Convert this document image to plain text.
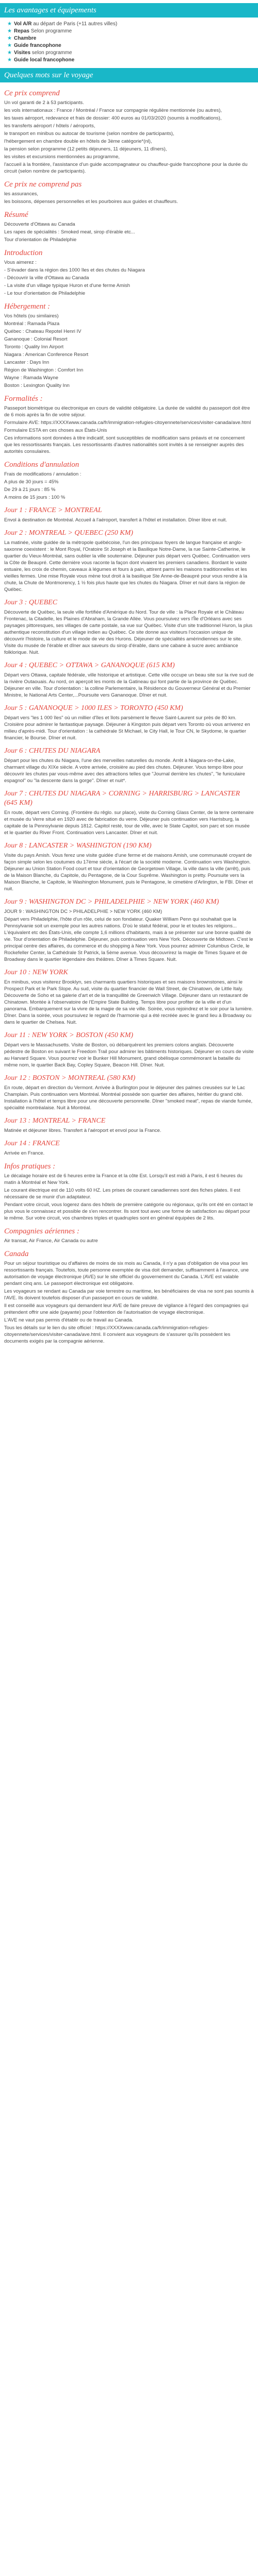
Les avantages et équipements
★ Vol A/R au départ de Paris (+11 autres villes)
★ Repas Selon programme
★ Chambre
★ Guide francophone
★ Visites selon programme
★ Guide local francophone
Quelques mots sur le voyage
Ce prix comprend
Un vol garanti de 2 à 53 participants.
les vols internationaux : France / Montréal / France sur compagnie régulière mentionnée (ou autres),
les taxes aéroport, redevance et frais de dossier: 400 euros au 01/03/2020 (soumis à modifications),
les transferts aéroport / hôtels / aéroports,
le transport en minibus ou autocar de tourisme (selon nombre de participants),
l'hébergement en chambre double en hôtels de 3ème catégorie*(nl),
la pension selon programme (12 petits déjeuners, 11 déjeuners, 11 dîners),
les visites et excursions mentionnées au programme,
l'accueil à la frontière, l'assistance d'un guide accompagnateur ou chauffeur-guide francophone pour la durée du circuit (selon nombre de participants).
Ce prix ne comprend pas
les assurances,
les boissons, dépenses personnelles et les pourboires aux guides et chauffeurs.
Résumé
Découverte d'Ottawa au Canada
Les rapes de spécialités : Smoked meat, sirop d'érable etc...
Tour d'orientation de Philadelphie
Introduction
Vous aimerez :
- S'évader dans la région des 1000 îles et des chutes du Niagara
- Découvrir la ville d'Ottawa au Canada
- La visite d'un village typique Huron et d'une ferme Amish
- Le tour d'orientation de Philadelphie
Hébergement :
Vos hôtels (ou similaires)
Montréal : Ramada Plaza
Québec : Chateau Repotel Henri IV
Gananoque : Colonial Resort
Toronto : Quality Inn Airport
Niagara : American Conference Resort
Lancaster : Days Inn
Région de Washington : Comfort Inn
Wayne : Ramada Wayne
Boston : Lexington Quality Inn
Formalités :
Passeport biométrique ou électronique en cours de validité obligatoire. La durée de validité du passeport doit être de 6 mois après la fin de votre séjour.
Formulaire AVE: https://XXXXwww.canada.ca/fr/immigration-refugies-citoyennete/services/visiter-canada/ave.html
Formulaire ESTA en ces choses aux États-Unis
Ces informations sont données à titre indicatif, sont susceptibles de modification sans préavis et ne concernent que les ressortissants français. Les ressortissants d'autres nationalités sont invités à se renseigner auprès des autorités consulaires.
Conditions d'annulation
Frais de modifications / annulation :
A plus de 30 jours = 45%
De 29 à 21 jours : 85 %
A moins de 15 jours : 100 %
Jour 1 : FRANCE > MONTREAL
Envol à destination de Montréal. Accueil à l'aéroport, transfert à l'hôtel et installation. Dîner libre et nuit.
Jour 2 : MONTREAL > QUEBEC (250 KM)
La matinée, visite guidée de la métropole québécoise, l'un des principaux foyers de langue française et anglo-saxonne coexistent : le Mont Royal, l'Oratoire St Joseph et la Basilique Notre-Dame, la rue Sainte-Catherine, le quartier du Vieux-Montréal, sans oublier la ville souterraine. Déjeuner puis départ vers Québec. Continuation vers la Côte de Beaupré. Cette dernière vous raconte la façon dont vivaient les premiers canadiens. Bordant le vaste estuaire, les croix de chemin, caveaux à légumes et fours à pain, attirent parmi les maisons traditionnelles et les vieilles fermes. Une mise Royale vous mène tout droit à la basilique Ste Anne-de-Beaupré pour vous rendre à la chute, la Chute de Montmorency, 1 ½ fois plus haute que les chutes du Niagara. Dîner et nuit dans la région de Québec.
Jour 3 : QUEBEC
Découverte de Québec, la seule ville fortifiée d'Amérique du Nord. Tour de ville : la Place Royale et le Château Frontenac, la Citadelle, les Plaines d'Abraham, la Grande Allée. Vous poursuivez vers l'Île d'Orléans avec ses paysages pittoresques, ses villages de carte postale, sa vue sur Québec. Visite d'un site traditionnel Huron, la plus authentique reconstitution d'un village indien au Québec. Ce site donne aux visiteurs l'occasion unique de découvrir l'histoire, la culture et le mode de vie des Hurons. Déjeuner de spécialités amérindiennes sur le site. Visite du musée de l'érable et dîner aux saveurs du sirop d'érable, dans une cabane à sucre avec ambiance folklorique. Nuit.
Jour 4 : QUEBEC > OTTAWA > GANANOQUE (615 KM)
Départ vers Ottawa, capitale fédérale, ville historique et artistique. Cette ville occupe un beau site sur la rive sud de la rivière Outaouais. Au nord, on aperçoit les monts de la Gatineau qui font partie de la province de Québec. Déjeuner en ville. Tour d'orientation : la colline Parlementaire, la Résidence du Gouverneur Général et du Premier Ministre, le National Arts Center,...Poursuite vers Gananoque. Dîner et nuit.
Jour 5 : GANANOQUE > 1000 ILES > TORONTO (450 KM)
Départ vers "les 1 000 îles" où un millier d'îles et îlots parsèment le fleuve Saint-Laurent sur près de 80 km. Croisière pour admirer le fantastique paysage. Déjeuner à Kingston puis départ vers Toronto où vous arriverez en milieu d'après-midi. Tour d'orientation : la cathédrale St Michael, le City Hall, le Tour CN, le Skydome, le quartier financier, le Bourse. Dîner et nuit.
Jour 6 : CHUTES DU NIAGARA
Départ pour les chutes du Niagara, l'une des merveilles naturelles du monde. Arrêt à Niagara-on-the-Lake, charmant village du XIXe siècle. A votre arrivée, croisière au pied des chutes. Déjeuner. Vous tempo libre pour découvrir les chutes par vous-même avec des attractions telles que "Journal derrière les chutes", "le funiculaire espagnol" ou "la descente dans la gorge". Dîner et nuit*.
Jour 7 : CHUTES DU NIAGARA > CORNING > HARRISBURG > LANCASTER (645 KM)
En route, départ vers Corning. (Frontière du rêglo. sur place), visite du Corning Glass Center, de la terre centenaire et musée du Verre situé en 1920 avec de fabrication du verre. Déjeuner puis continuation vers Harrisburg, la capitale de la Pennsylvanie depuis 1812. Capitol resté, tour de ville, avec le State Capitol, son parc et son musée et le quartier du River Front. Continuation vers Lancaster. Dîner et nuit.
Jour 8 : LANCASTER > WASHINGTON (190 KM)
Visite du pays Amish. Vous ferez une visite guidée d'une ferme et de maisons Amish, une communauté croyant de façon simple selon les coutumes du 17ème siècle, à l'écart de la société moderne. Continuation vers Washington. Déjeuner au Union Station Food court et tour d'orientation de Georgetown Village, la ville dans la ville (arrêt), puis de la Maison Blanche, du Capitole, du Pentagone, de la Cour Suprême. Washington is pretty. Poursuite vers la Maison Blanche, le Capitole, le Washington Monument, puis le Pentagone, le cimetière d'Arlington, le FBI. Dîner et nuit.
Jour 9 : WASHINGTON DC > PHILADELPHIE > NEW YORK (460 KM)
JOUR 9 : WASHINGTON DC > PHILADELPHIE > NEW YORK (460 KM)
Départ vers Philadelphie, l'hôte d'un rôle, celui de son fondateur. Quaker William Penn qui souhaitait que la Pennsylvanie soit un exemple pour les autres nations. D'où le statut fédéral, pour le et toutes les religions... L'équivalent etc des États-Unis, elle compte 1,6 millions d'habitants, mais à se présenter sur une bonne qualité de vie. Tour d'orientation de Philadelphie. Déjeuner, puis continuation vers New York. Découverte de Midtown. C'est le principal centre des affaires, du commerce et du shopping à New York. Vous pourrez admirer Columbus Circle, le Rockefeller Center, la Cathédrale St Patrick, la 5ème avenue. Vous découvrirez la magie de Times Square et de Broadway dans le quartier légendaire des théâtres. Dîner à Times Square. Nuit.
Jour 10 : NEW YORK
En minibus, vous visiterez Brooklyn, ses charmants quartiers historiques et ses maisons brownstones, ainsi le Prospect Park et le Park Slope. Au sud, visite du quartier financier de Wall Street, de Chinatown, de Little Italy. Découverte de Soho et sa galerie d'art et de la tranquillité de Greenwich Village. Déjeuner dans un restaurant de Chinatown. Montée à l'observatoire de l'Empire State Building. Temps libre pour profiter de la ville et d'un panorama. Embarquement sur la vivre de la magie de sa vie ville. Soirée, vous rejoindrez et le soir pour la lumière. Dîner. Dans la soirée, vous poursuivez le regard de l'harmonie qui a été recréée avec le grand lieu à Broadway ou dans le quartier de Chelsea. Nuit.
Jour 11 : NEW YORK > BOSTON (450 KM)
Départ vers le Massachusetts. Visite de Boston, où débarquèrent les premiers colons anglais. Découverte pédestre de Boston en suivant le Freedom Trail pour admirer les bâtiments historiques. Déjeuner en cours de visite au Harvard Square. Vous pourrez voir le Bunker Hill Monument, grand obélisque commémorant la bataille du même nom, le quartier Back Bay, Copley Square, Beacon Hill. Dîner. Nuit.
Jour 12 : BOSTON > MONTREAL (580 KM)
En route, départ en direction du Vermont. Arrivée à Burlington pour le déjeuner des palmes creusées sur le Lac Champlain. Puis continuation vers Montréal. Montréal possède son quartier des affaires, héritier du grand cité. Installation à l'hôtel et temps libre pour une découverte personnelle. Dîner "smoked meat", repas de viande fumée, spécialité montréalaise. Nuit à Montréal.
Jour 13 : MONTREAL > FRANCE
Matinée et déjeuner libres. Transfert à l'aéroport et envol pour la France.
Jour 14 : FRANCE
Arrivée en France.
Infos pratiques :
Le décalage horaire est de 6 heures entre la France et la côte Est. Lorsqu'il est midi à Paris, il est 6 heures du matin à Montréal et New York.
Le courant électrique est de 110 volts 60 HZ. Les prises de courant canadiennes sont des fiches plates. Il est nécessaire de se munir d'un adaptateur.
Pendant votre circuit, vous logerez dans des hôtels de première catégorie ou régionaux, qu'ils ont été en contact le plus vous le connaissez et possible de s'en rencontrer. Ils sont tout avec une forme de satisfaction au départ pour le même. Sur votre circuit, vos chambres triples et quadruples sont en général équipées de 2 lits.
Compagnies aériennes :
Air transat, Air France, Air Canada ou autre
Canada
Pour un séjour touristique ou d'affaires de moins de six mois au Canada, il n'y a pas d'obligation de visa pour les ressortissants français. Toutefois, toute personne exemptée de visa doit demander, suffisamment à l'avance, une autorisation de voyage électronique (AVE) sur le site officiel du gouvernement du Canada. L'AVE est valable pendant cinq ans. Le passeport électronique est obligatoire.
Les voyageurs se rendant au Canada par voie terrestre ou maritime, les bénéficiaires de visa ne sont pas soumis à l'AVE. Ils doivent toutefois disposer d'un passeport en cours de validité.
Il est conseillé aux voyageurs qui demandent leur AVE de faire preuve de vigilance à l'égard des compagnies qui prétendent offrir une aide (payante) pour l'obtention de l'autorisation de voyage électronique.
L'AVE ne vaut pas permis d'établir ou de travail au Canada.
Tous les détails sur le lien du site officiel : https://XXXXwww.canada.ca/fr/immigration-refugies-citoyennete/services/visiter-canada/ave.html. Il convient aux voyageurs de s'assurer qu'ils possèdent les documents exigés par la compagnie aérienne.
